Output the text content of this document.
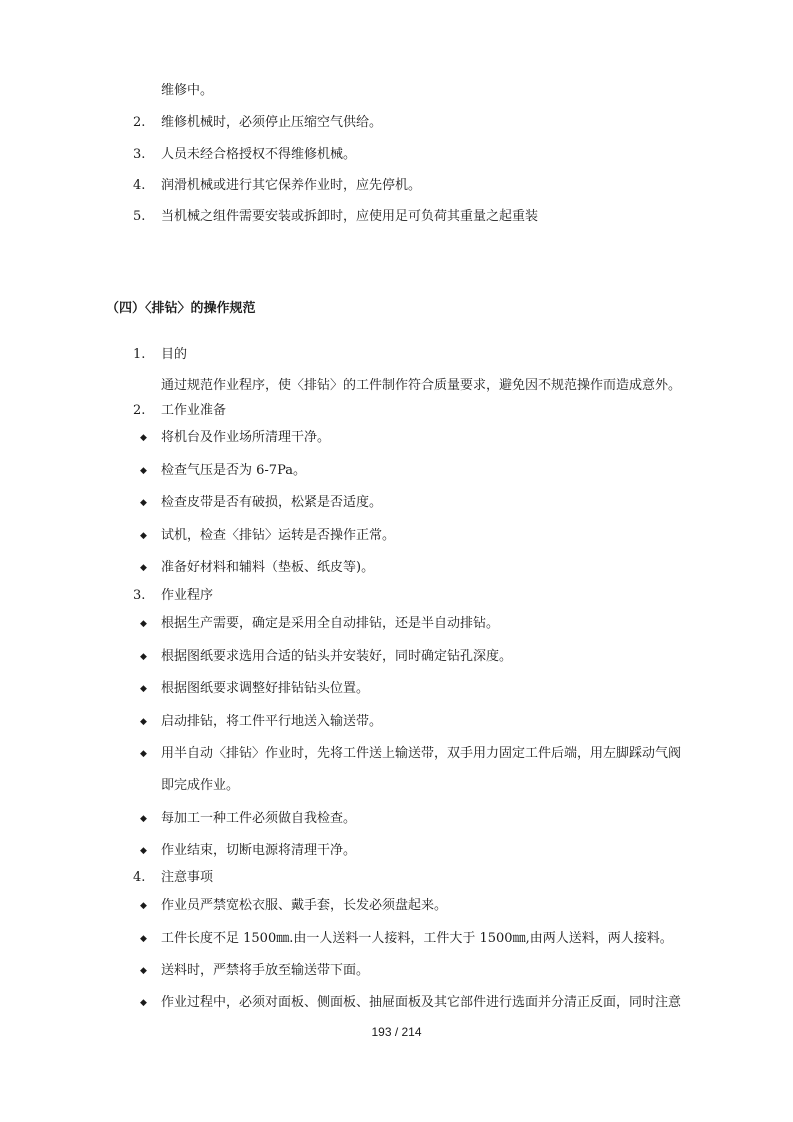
维修中。
2. 维修机械时，必须停止压缩空气供给。
3. 人员未经合格授权不得维修机械。
4. 润滑机械或进行其它保养作业时，应先停机。
5. 当机械之组件需要安装或拆卸时，应使用足可负荷其重量之起重装
（四）〈排钻〉的操作规范
1. 目的
通过规范作业程序，使〈排钻〉的工件制作符合质量要求，避免因不规范操作而造成意外。
2. 工作业准备
◆ 将机台及作业场所清理干净。
◆ 检查气压是否为 6-7Pa。
◆ 检查皮带是否有破损，松紧是否适度。
◆ 试机，检查〈排钻〉运转是否操作正常。
◆ 准备好材料和辅料（垫板、纸皮等)。
3. 作业程序
◆ 根据生产需要，确定是采用全自动排钻，还是半自动排钻。
◆ 根据图纸要求选用合适的钻头并安装好，同时确定钻孔深度。
◆ 根据图纸要求调整好排钻钻头位置。
◆ 启动排钻，将工件平行地送入输送带。
◆ 用半自动〈排钻〉作业时，先将工件送上输送带，双手用力固定工件后端，用左脚踩动气阀
即完成作业。
◆ 每加工一种工件必须做自我检查。
◆ 作业结束，切断电源将清理干净。
4. 注意事项
◆ 作业员严禁宽松衣服、戴手套，长发必须盘起来。
◆ 工件长度不足 1500㎜.由一人送料一人接料，工件大于 1500㎜,由两人送料，两人接料。
◆ 送料时，严禁将手放至输送带下面。
◆ 作业过程中，必须对面板、侧面板、抽屉面板及其它部件进行选面并分清正反面，同时注意
193 / 214
